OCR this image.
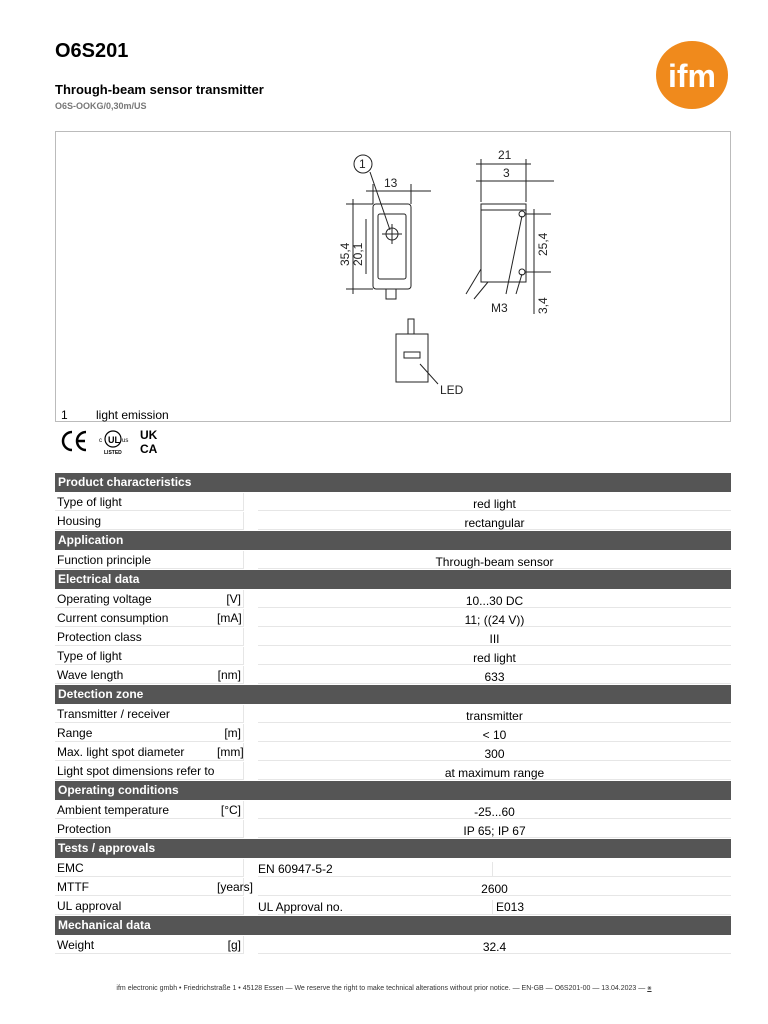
O6S201
Through-beam sensor transmitter
O6S-OOKG/0,30m/US
ifm
1
13
35,4 20,1
21
3
25,4
3,4
M3
LED
1 light emission
UL
c	us
LISTED
UK
CA
Product characteristics
Type of light	red light
Housing	rectangular
Application
Function principle	Through-beam sensor
Electrical data
Operating voltage	[V]	10...30 DC
Current consumption	[mA]	11; ((24 V))
Protection class	III
Type of light	red light
Wave length	[nm]	633
Detection zone
Transmitter / receiver	transmitter
Range	[m]	< 10
Max. light spot diameter	[mm]	300
Light spot dimensions refer to	at maximum range
Operating conditions
Ambient temperature	[°C]	-25...60
Protection	IP 65; IP 67
Tests / approvals
EMC	EN 60947-5-2
MTTF	[years]	2600
UL approval	UL Approval no.	E013
Mechanical data
Weight	[g]	32.4
ifm electronic gmbh • Friedrichstraße 1 • 45128 Essen — We reserve the right to make technical alterations without prior notice. — EN-GB — O6S201-00 — 13.04.2023 — ⨳
